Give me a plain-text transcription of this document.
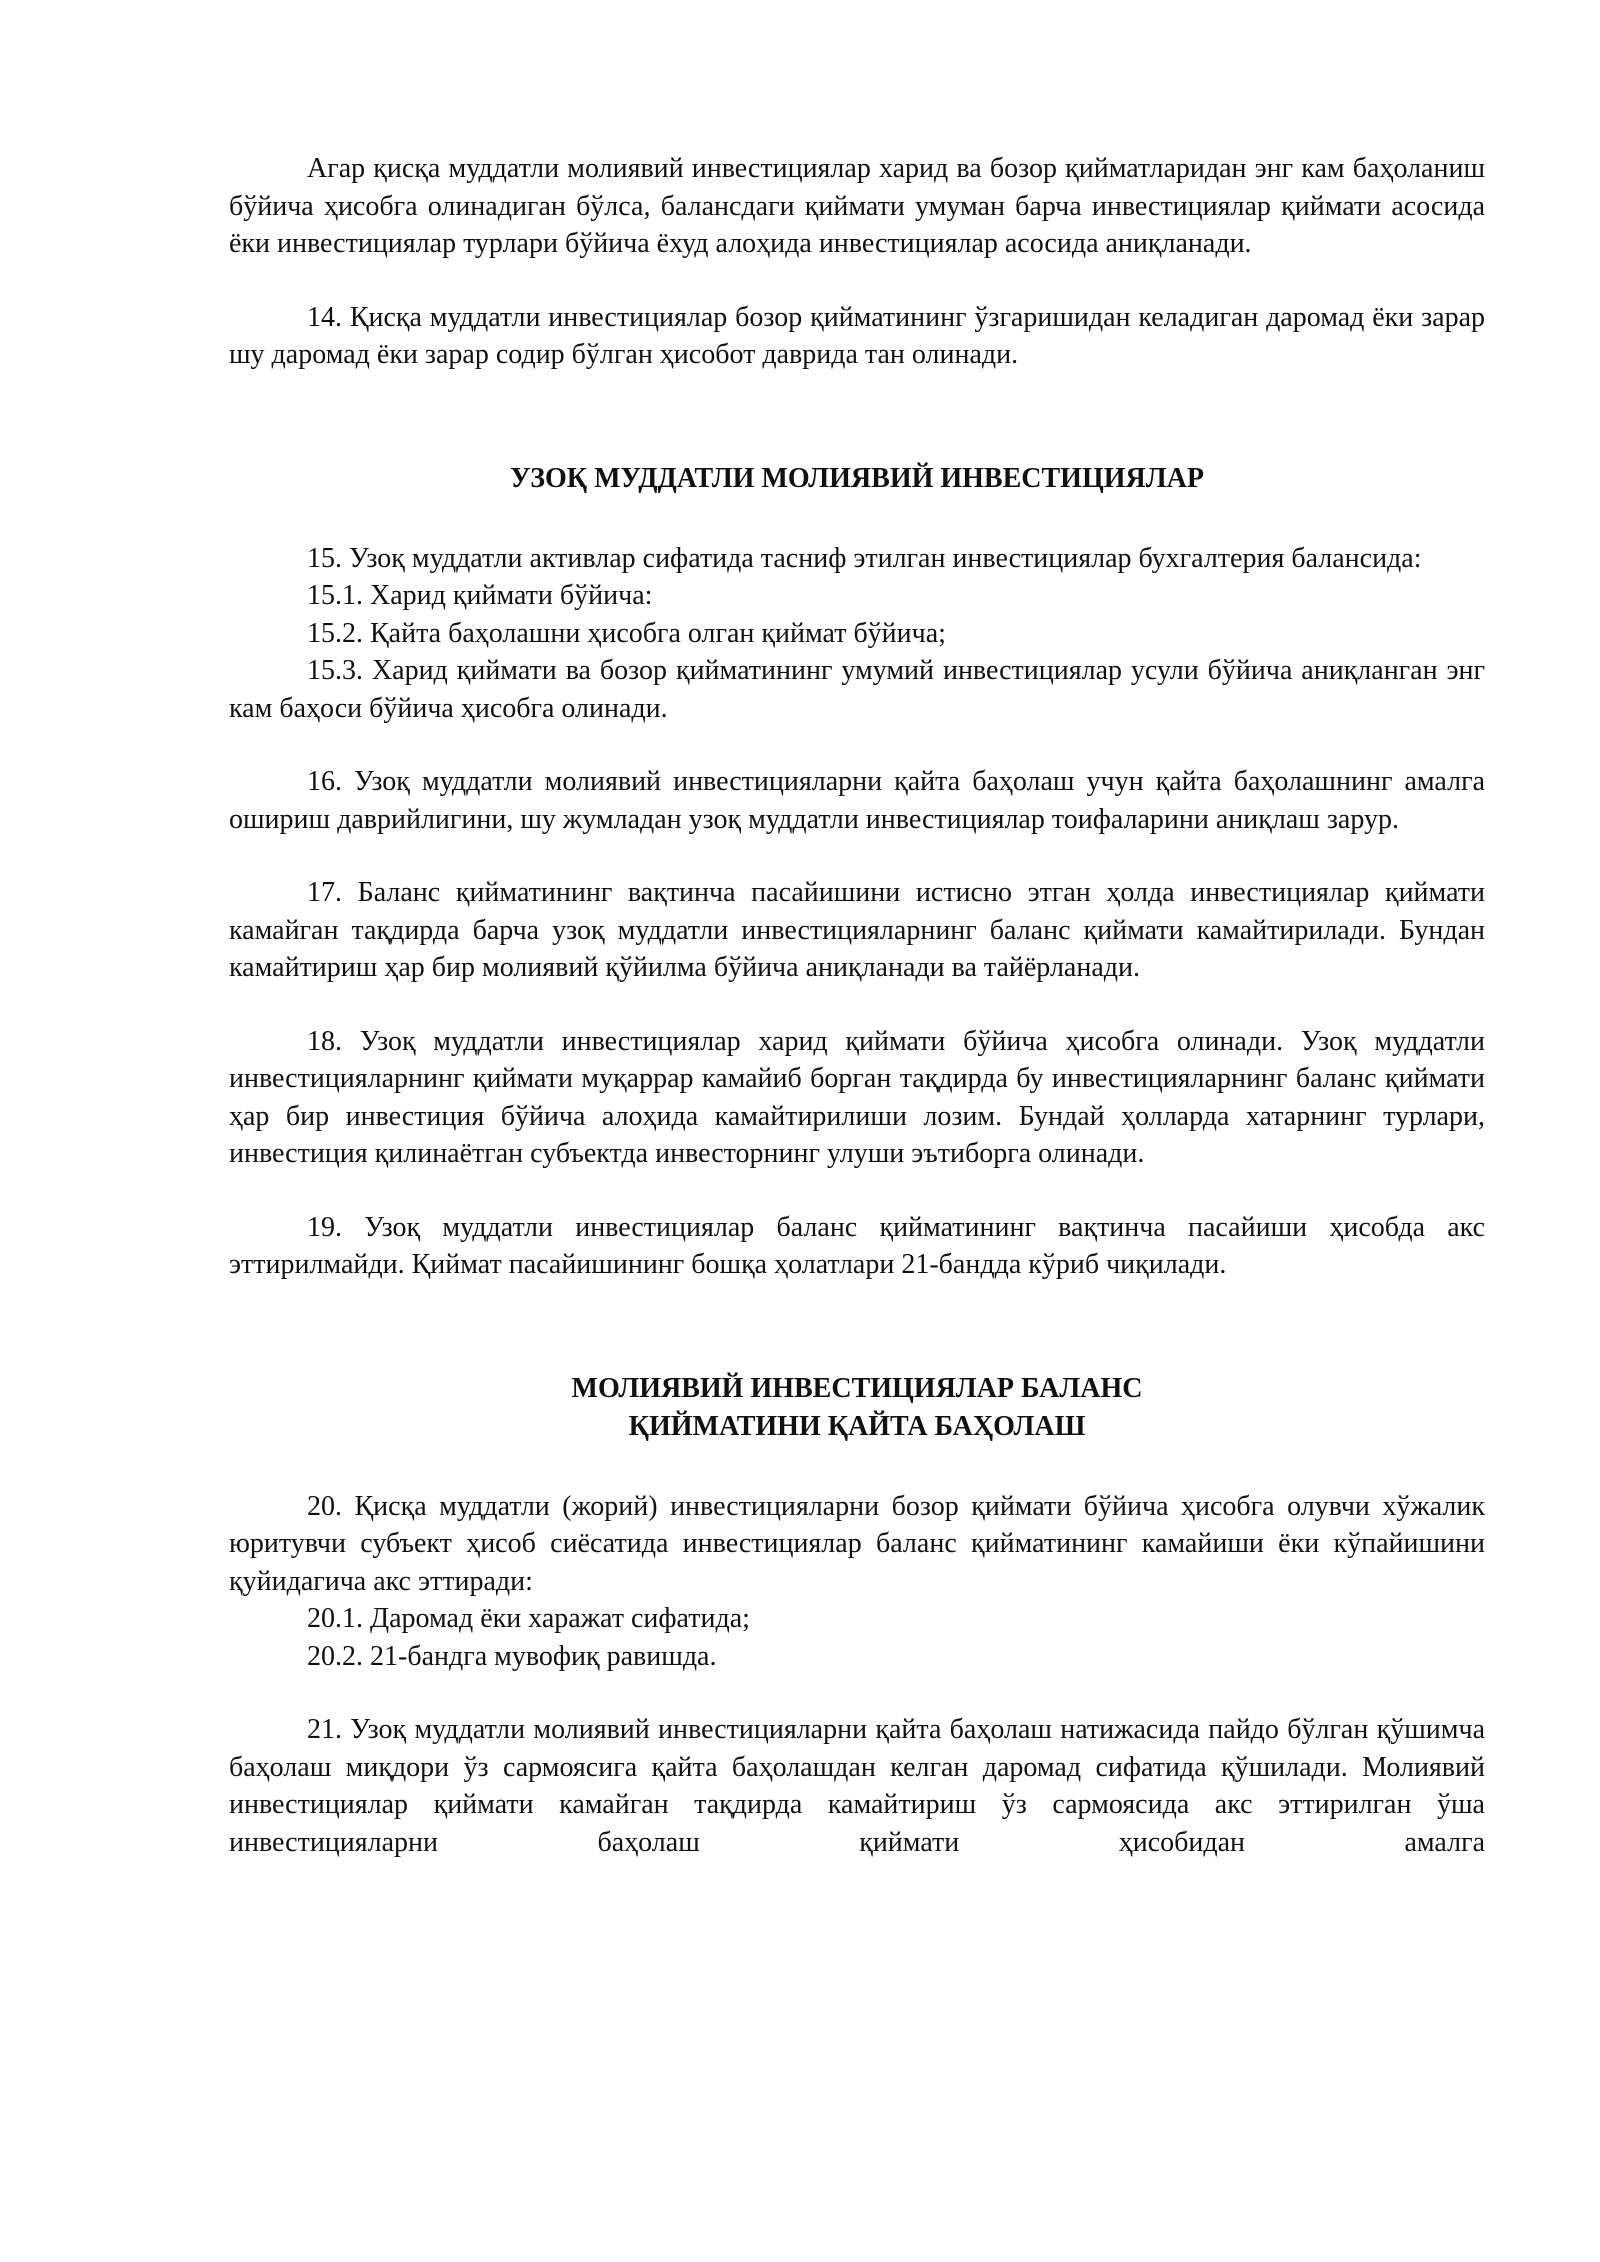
Агар қисқа муддатли молиявий инвестициялар харид ва бозор қийматларидан энг кам баҳоланиш бўйича ҳисобга олинадиган бўлса, балансдаги қиймати умуман барча инвестициялар қиймати асосида ёки инвестициялар турлари бўйича ёхуд алоҳида инвестициялар асосида аниқланади.

14. Қисқа муддатли инвестициялар бозор қийматининг ўзгаришидан келадиган даромад ёки зарар шу даромад ёки зарар содир бўлган ҳисобот даврида тан олинади.

УЗОҚ МУДДАТЛИ МОЛИЯВИЙ ИНВЕСТИЦИЯЛАР

15. Узоқ муддатли активлар сифатида тасниф этилган инвестициялар бухгалтерия балансида:

15.1. Харид қиймати бўйича:

15.2. Қайта баҳолашни ҳисобга олган қиймат бўйича;

15.3. Харид қиймати ва бозор қийматининг умумий инвестициялар усули бўйича аниқланган энг кам баҳоси бўйича ҳисобга олинади.

16. Узоқ муддатли молиявий инвестицияларни қайта баҳолаш учун қайта баҳолашнинг амалга ошириш даврийлигини, шу жумладан узоқ муддатли инвестициялар тоифаларини аниқлаш зарур.

17. Баланс қийматининг вақтинча пасайишини истисно этган ҳолда инвестициялар қиймати камайган тақдирда барча узоқ муддатли инвестицияларнинг баланс қиймати камайтирилади. Бундан камайтириш ҳар бир молиявий қўйилма бўйича аниқланади ва тайёрланади.

18. Узоқ муддатли инвестициялар харид қиймати бўйича ҳисобга олинади. Узоқ муддатли инвестицияларнинг қиймати муқаррар камайиб борган тақдирда бу инвестицияларнинг баланс қиймати ҳар бир инвестиция бўйича алоҳида камайтирилиши лозим. Бундай ҳолларда хатарнинг турлари, инвестиция қилинаётган субъектда инвесторнинг улуши эътиборга олинади.

19. Узоқ муддатли инвестициялар баланс қийматининг вақтинча пасайиши ҳисобда акс эттирилмайди. Қиймат пасайишининг бошқа ҳолатлари 21-бандда кўриб чиқилади.

МОЛИЯВИЙ ИНВЕСТИЦИЯЛАР БАЛАНС

ҚИЙМАТИНИ ҚАЙТА БАҲОЛАШ

20. Қисқа муддатли (жорий) инвестицияларни бозор қиймати бўйича ҳисобга олувчи хўжалик юритувчи субъект ҳисоб сиёсатида инвестициялар баланс қийматининг камайиши ёки кўпайишини қуйидагича акс эттиради:

20.1. Даромад ёки харажат сифатида;

20.2. 21-бандга мувофиқ равишда.

21. Узоқ муддатли молиявий инвестицияларни қайта баҳолаш натижасида пайдо бўлган қўшимча баҳолаш миқдори ўз сармоясига қайта баҳолашдан келган даромад сифатида қўшилади. Молиявий инвестициялар қиймати камайган тақдирда камайтириш ўз сармоясида акс эттирилган ўша инвестицияларни баҳолаш қиймати ҳисобидан амалга
